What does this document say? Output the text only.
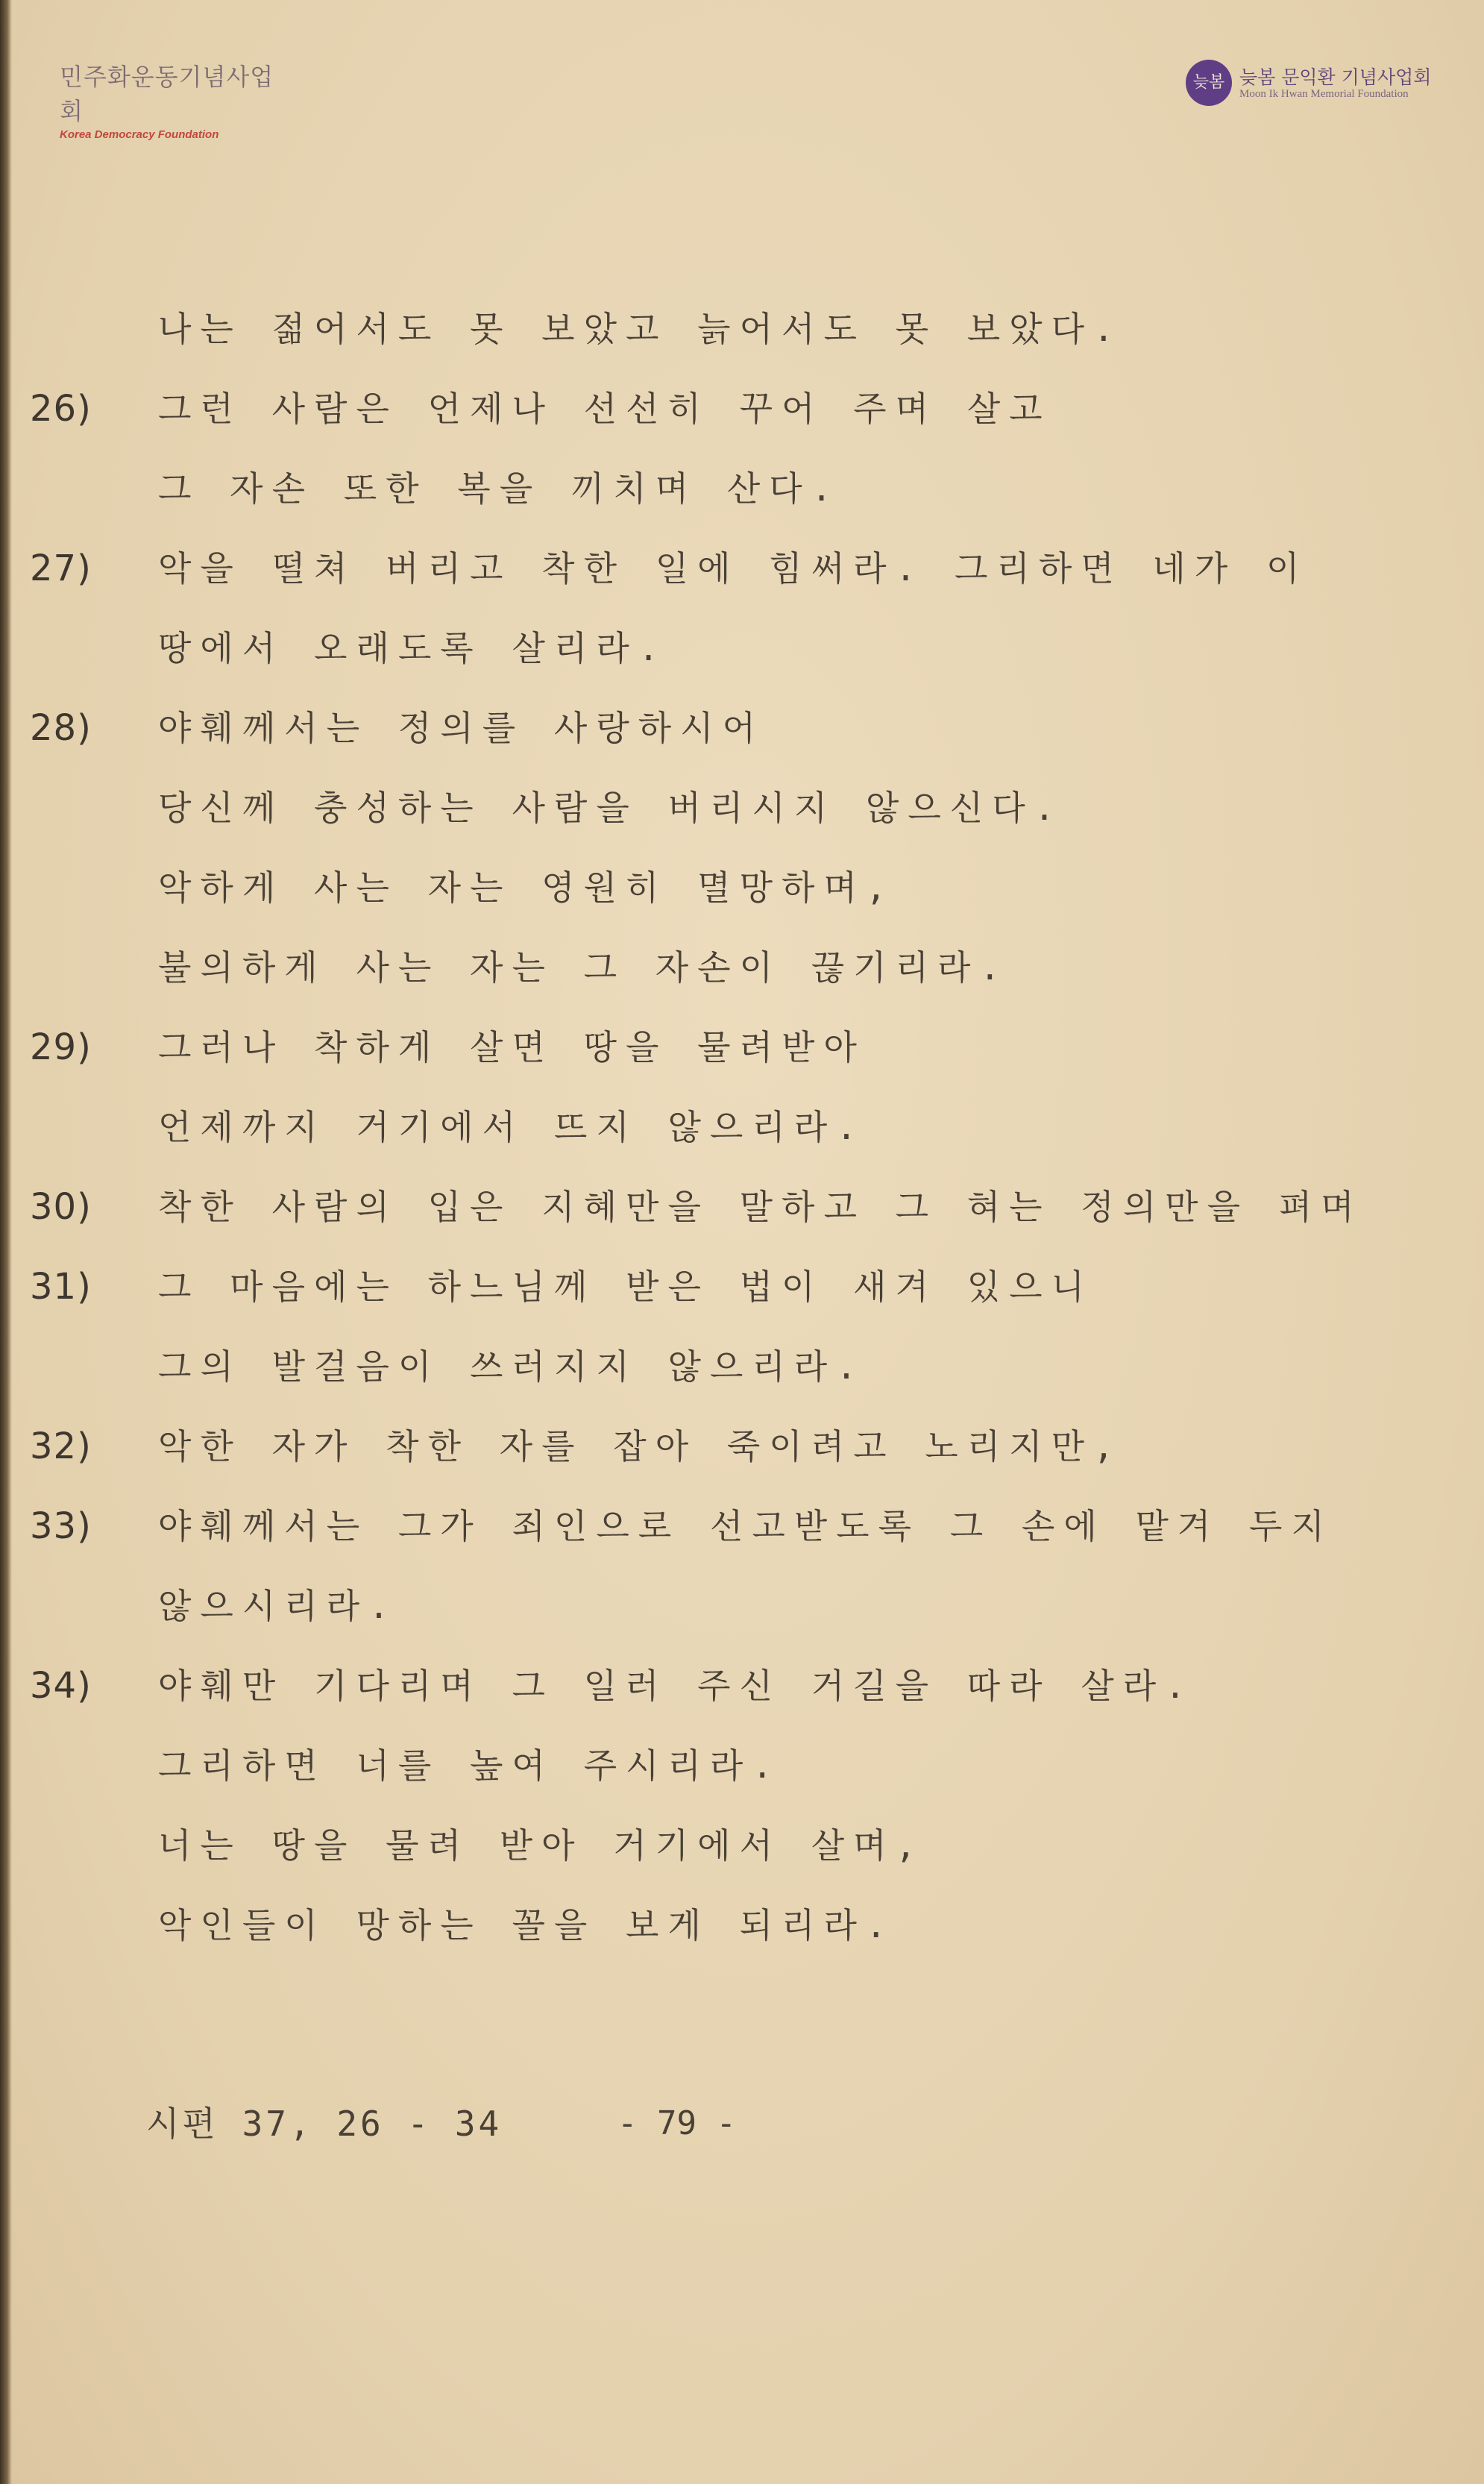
민주화운동기념사업회
Korea Democracy Foundation
늦봄 늦봄 문익환 기념사업회
Moon Ik Hwan Memorial Foundation
나는 젊어서도 못 보았고 늙어서도 못 보았다.
26) 그런 사람은 언제나 선선히 꾸어 주며 살고
그 자손 또한 복을 끼치며 산다.
27) 악을 떨쳐 버리고 착한 일에 힘써라. 그리하면 네가 이
땅에서 오래도록 살리라.
28) 야훼께서는 정의를 사랑하시어
당신께 충성하는 사람을 버리시지 않으신다.
악하게 사는 자는 영원히 멸망하며,
불의하게 사는 자는 그 자손이 끊기리라.
29) 그러나 착하게 살면 땅을 물려받아
언제까지 거기에서 뜨지 않으리라.
30) 착한 사람의 입은 지혜만을 말하고 그 혀는 정의만을 펴며
31) 그 마음에는 하느님께 받은 법이 새겨 있으니
그의 발걸음이 쓰러지지 않으리라.
32) 악한 자가 착한 자를 잡아 죽이려고 노리지만,
33) 야훼께서는 그가 죄인으로 선고받도록 그 손에 맡겨 두지
않으시리라.
34) 야훼만 기다리며 그 일러 주신 거길을 따라 살라.
그리하면 너를 높여 주시리라.
너는 땅을 물려 받아 거기에서 살며,
악인들이 망하는 꼴을 보게 되리라.
시편 37, 26 - 34	- 79 -
